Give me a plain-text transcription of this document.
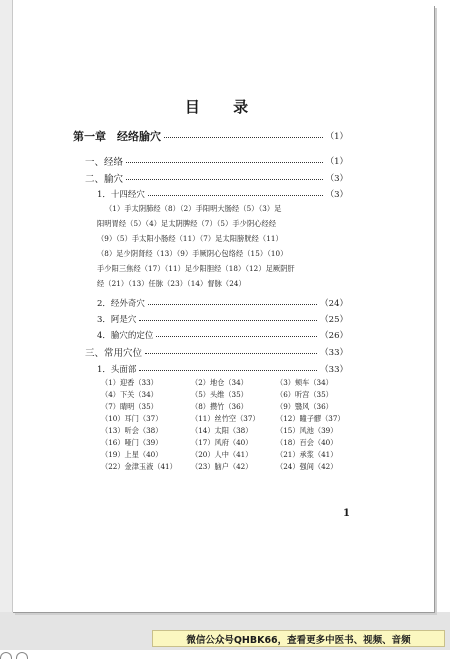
目 录
第一章　经络腧穴	（1）
一、经络	（1）
二、腧穴	（3）
1．十四经穴	（3）
（1）手太阴肺经（8）（2）手阳明大肠经（5）（3）足
阳明胃经（5）（4）足太阴脾经（7）（5）手少阴心经经
（9）（5）手太阳小肠经（11）（7）足太阳膀胱经（11）
（8）足少阴肾经（13）（9）手厥阴心包络经（15）（10）
手少阳三焦经（17）（11）足少阳胆经（18）（12）足厥阴肝
经（21）（13）任脉（23）（14）督脉（24）
2．经外奇穴	（24）
3．阿是穴	（25）
4．腧穴的定位	（26）
三、常用穴位	（33）
1．头面部	（33）
（1）迎香（33）	（2）地仓（34）	（3）颊车（34）
（4）下关（34）	（5）头维（35）	（6）听宫（35）
（7）睛明（35）	（8）攒竹（36）	（9）翳风（36）
（10）耳门（37）	（11）丝竹空（37）	（12）瞳子髎（37）
（13）听会（38）	（14）太阳（38）	（15）风池（39）
（16）哑门（39）	（17）风府（40）	（18）百会（40）
（19）上星（40）	（20）人中（41）	（21）承浆（41）
（22）金津玉液（41）	（23）脑户（42）	（24）强间（42）
1
微信公众号QHBK66，查看更多中医书、视频、音频
